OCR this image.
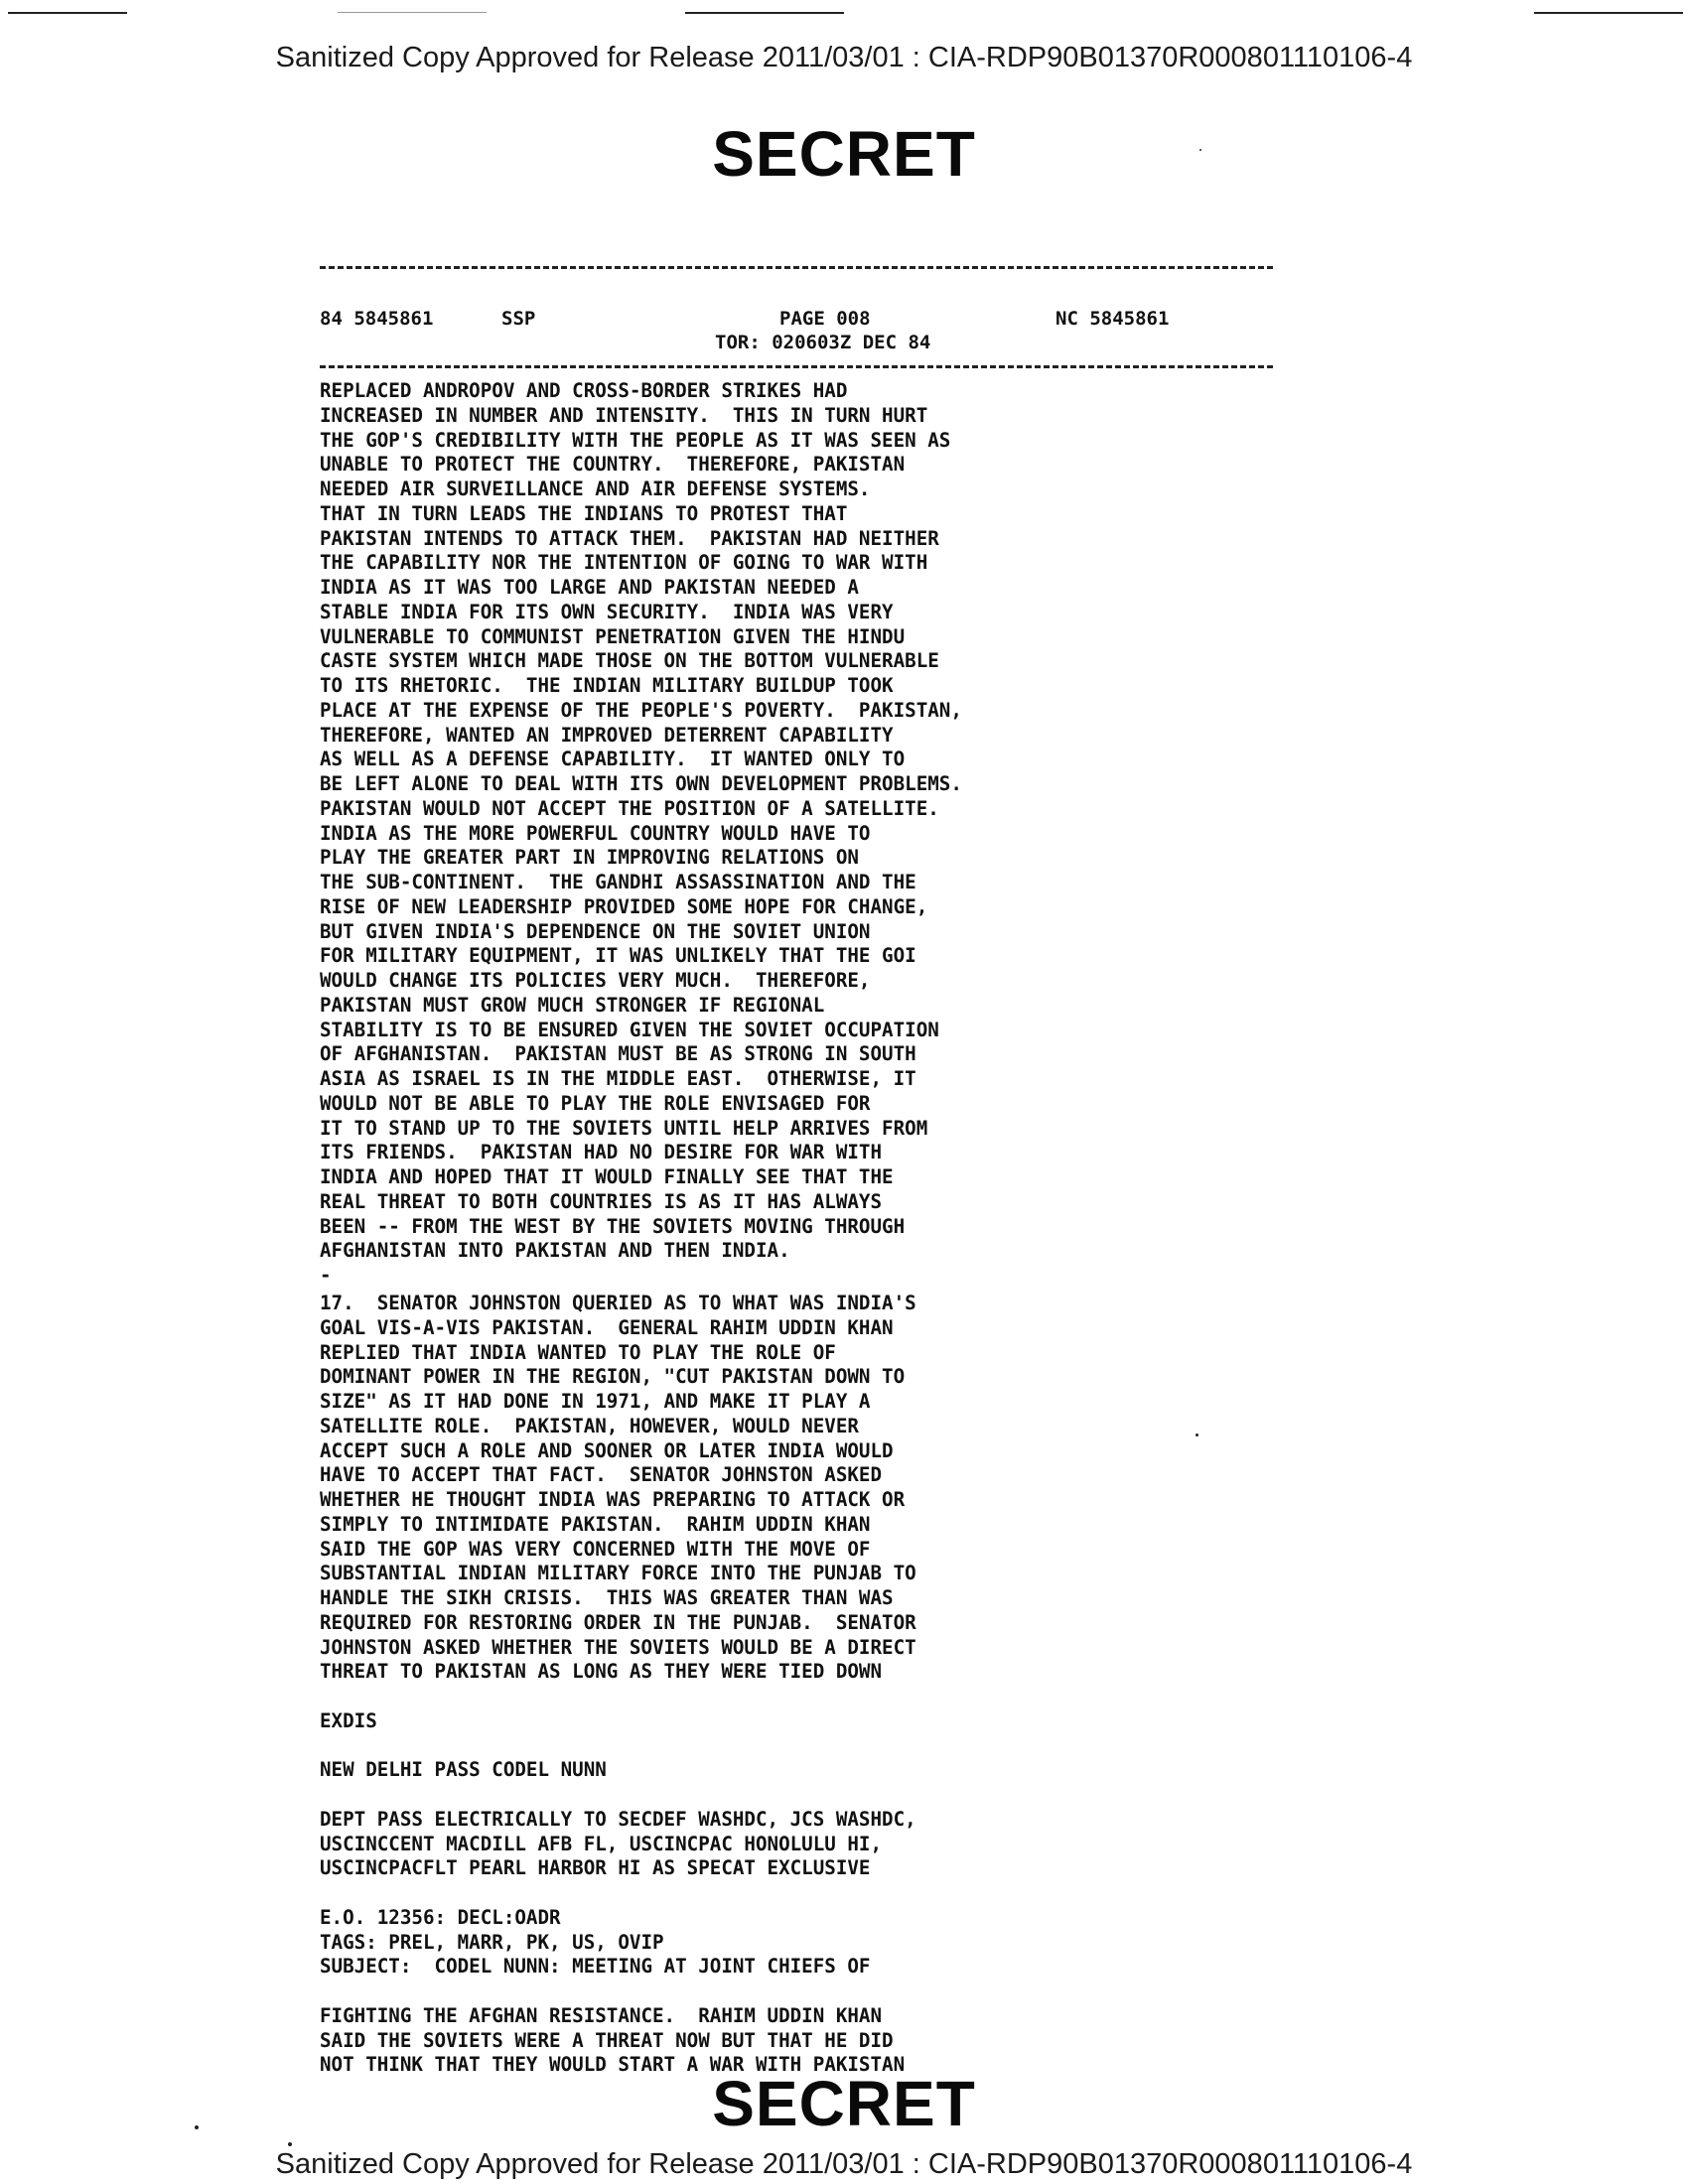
Sanitized Copy Approved for Release 2011/03/01 : CIA-RDP90B01370R000801110106-4
SECRET
84 5845861	SSP	PAGE 008	NC 5845861
TOR: 020603Z DEC 84
REPLACED ANDROPOV AND CROSS-BORDER STRIKES HAD
INCREASED IN NUMBER AND INTENSITY.  THIS IN TURN HURT
THE GOP'S CREDIBILITY WITH THE PEOPLE AS IT WAS SEEN AS
UNABLE TO PROTECT THE COUNTRY.  THEREFORE, PAKISTAN
NEEDED AIR SURVEILLANCE AND AIR DEFENSE SYSTEMS.
THAT IN TURN LEADS THE INDIANS TO PROTEST THAT
PAKISTAN INTENDS TO ATTACK THEM.  PAKISTAN HAD NEITHER
THE CAPABILITY NOR THE INTENTION OF GOING TO WAR WITH
INDIA AS IT WAS TOO LARGE AND PAKISTAN NEEDED A
STABLE INDIA FOR ITS OWN SECURITY.  INDIA WAS VERY
VULNERABLE TO COMMUNIST PENETRATION GIVEN THE HINDU
CASTE SYSTEM WHICH MADE THOSE ON THE BOTTOM VULNERABLE
TO ITS RHETORIC.  THE INDIAN MILITARY BUILDUP TOOK
PLACE AT THE EXPENSE OF THE PEOPLE'S POVERTY.  PAKISTAN,
THEREFORE, WANTED AN IMPROVED DETERRENT CAPABILITY
AS WELL AS A DEFENSE CAPABILITY.  IT WANTED ONLY TO
BE LEFT ALONE TO DEAL WITH ITS OWN DEVELOPMENT PROBLEMS.
PAKISTAN WOULD NOT ACCEPT THE POSITION OF A SATELLITE.
INDIA AS THE MORE POWERFUL COUNTRY WOULD HAVE TO
PLAY THE GREATER PART IN IMPROVING RELATIONS ON
THE SUB-CONTINENT.  THE GANDHI ASSASSINATION AND THE
RISE OF NEW LEADERSHIP PROVIDED SOME HOPE FOR CHANGE,
BUT GIVEN INDIA'S DEPENDENCE ON THE SOVIET UNION
FOR MILITARY EQUIPMENT, IT WAS UNLIKELY THAT THE GOI
WOULD CHANGE ITS POLICIES VERY MUCH.  THEREFORE,
PAKISTAN MUST GROW MUCH STRONGER IF REGIONAL
STABILITY IS TO BE ENSURED GIVEN THE SOVIET OCCUPATION
OF AFGHANISTAN.  PAKISTAN MUST BE AS STRONG IN SOUTH
ASIA AS ISRAEL IS IN THE MIDDLE EAST.  OTHERWISE, IT
WOULD NOT BE ABLE TO PLAY THE ROLE ENVISAGED FOR
IT TO STAND UP TO THE SOVIETS UNTIL HELP ARRIVES FROM
ITS FRIENDS.  PAKISTAN HAD NO DESIRE FOR WAR WITH
INDIA AND HOPED THAT IT WOULD FINALLY SEE THAT THE
REAL THREAT TO BOTH COUNTRIES IS AS IT HAS ALWAYS
BEEN -- FROM THE WEST BY THE SOVIETS MOVING THROUGH
AFGHANISTAN INTO PAKISTAN AND THEN INDIA.
-
17.  SENATOR JOHNSTON QUERIED AS TO WHAT WAS INDIA'S
GOAL VIS-A-VIS PAKISTAN.  GENERAL RAHIM UDDIN KHAN
REPLIED THAT INDIA WANTED TO PLAY THE ROLE OF
DOMINANT POWER IN THE REGION, "CUT PAKISTAN DOWN TO
SIZE" AS IT HAD DONE IN 1971, AND MAKE IT PLAY A
SATELLITE ROLE.  PAKISTAN, HOWEVER, WOULD NEVER
ACCEPT SUCH A ROLE AND SOONER OR LATER INDIA WOULD
HAVE TO ACCEPT THAT FACT.  SENATOR JOHNSTON ASKED
WHETHER HE THOUGHT INDIA WAS PREPARING TO ATTACK OR
SIMPLY TO INTIMIDATE PAKISTAN.  RAHIM UDDIN KHAN
SAID THE GOP WAS VERY CONCERNED WITH THE MOVE OF
SUBSTANTIAL INDIAN MILITARY FORCE INTO THE PUNJAB TO
HANDLE THE SIKH CRISIS.  THIS WAS GREATER THAN WAS
REQUIRED FOR RESTORING ORDER IN THE PUNJAB.  SENATOR
JOHNSTON ASKED WHETHER THE SOVIETS WOULD BE A DIRECT
THREAT TO PAKISTAN AS LONG AS THEY WERE TIED DOWN
EXDIS
NEW DELHI PASS CODEL NUNN
DEPT PASS ELECTRICALLY TO SECDEF WASHDC, JCS WASHDC,
USCINCCENT MACDILL AFB FL, USCINCPAC HONOLULU HI,
USCINCPACFLT PEARL HARBOR HI AS SPECAT EXCLUSIVE
E.O. 12356: DECL:OADR
TAGS: PREL, MARR, PK, US, OVIP
SUBJECT:  CODEL NUNN: MEETING AT JOINT CHIEFS OF
FIGHTING THE AFGHAN RESISTANCE.  RAHIM UDDIN KHAN
SAID THE SOVIETS WERE A THREAT NOW BUT THAT HE DID
NOT THINK THAT THEY WOULD START A WAR WITH PAKISTAN
SECRET
Sanitized Copy Approved for Release 2011/03/01 : CIA-RDP90B01370R000801110106-4
